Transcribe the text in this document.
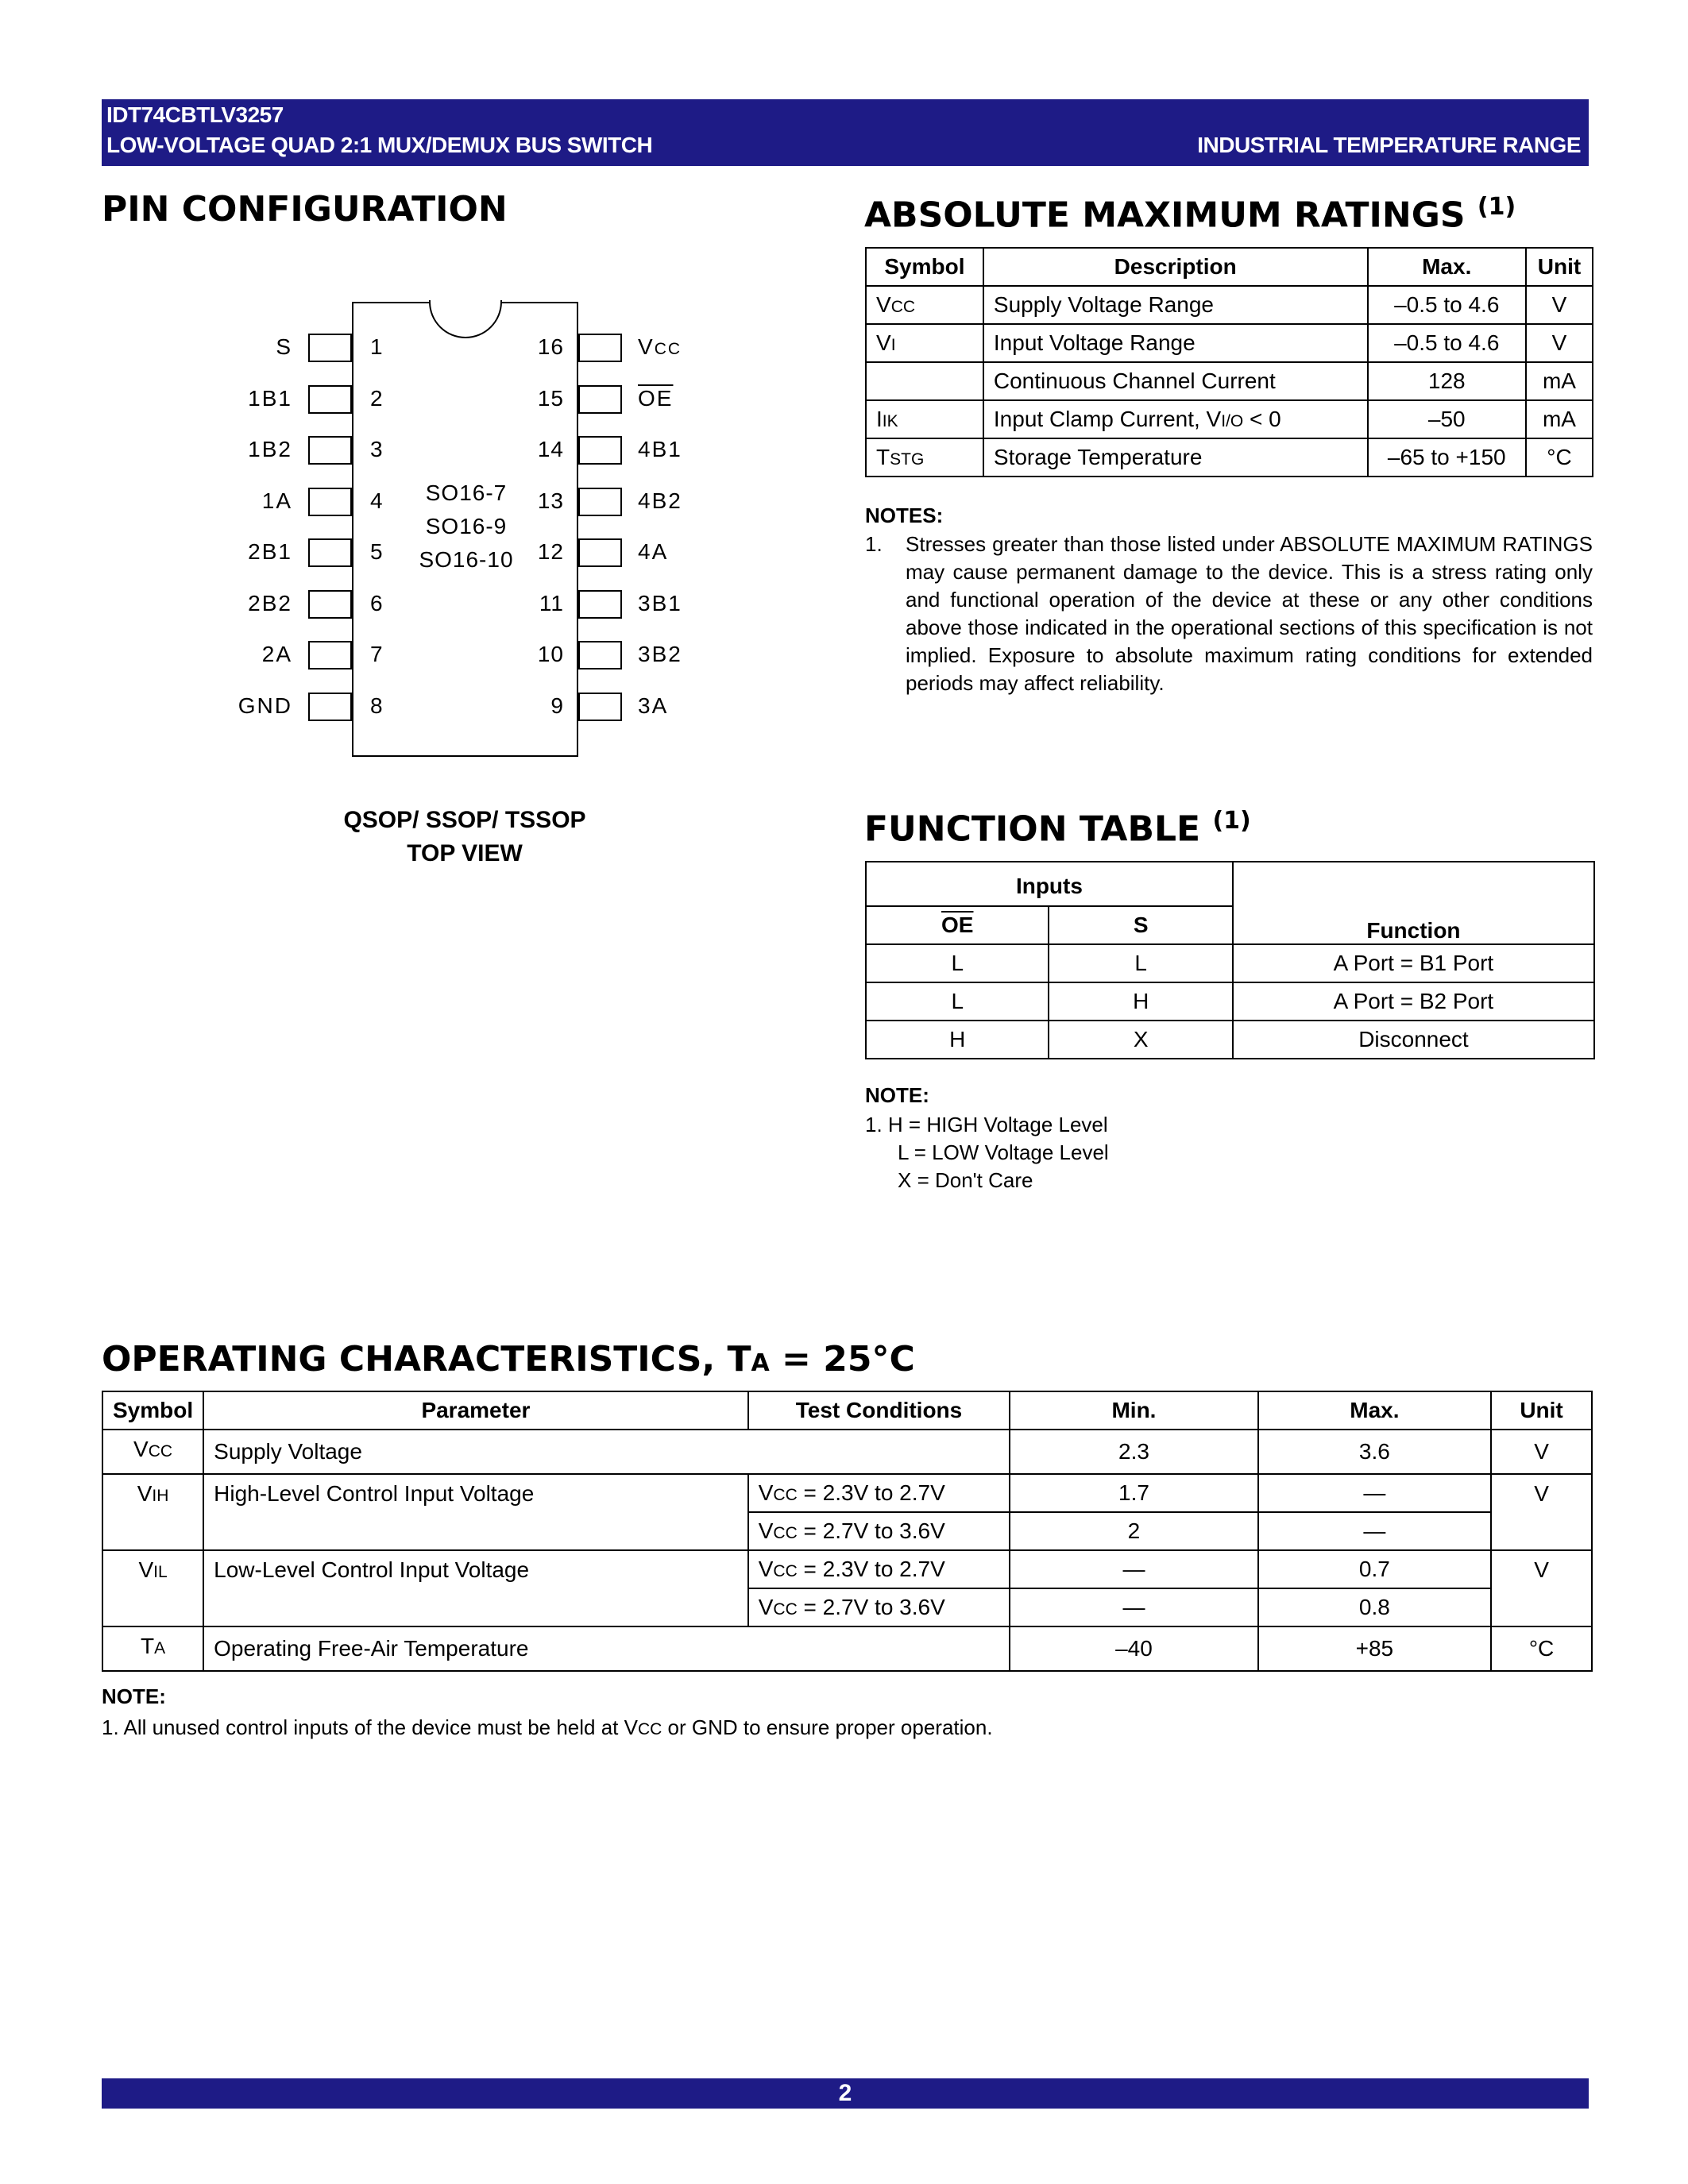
IDT74CBTLV3257
LOW-VOLTAGE QUAD 2:1 MUX/DEMUX BUS SWITCH	INDUSTRIAL TEMPERATURE RANGE
PIN CONFIGURATION
S	1
1B1	2
1B2	3
1A	4
2B1	5
2B2	6
2A	7
GND	8
VCC
16
$\overline{OE}$
15
4B1
14
4B2
13
4A
12
3B1
11
3B2
10
3A
9
SO16-7
SO16-9
SO16-10
QSOP/ SSOP/ TSSOP
TOP VIEW
ABSOLUTE MAXIMUM RATINGS $^{(1)}$
Symbol	Description	Max.	Unit
VCC	Supply Voltage Range	–0.5 to 4.6	V
VI	Input Voltage Range	–0.5 to 4.6	V
	Continuous Channel Current	128	mA
IIK	Input Clamp Current, VI/O < 0	–50	mA
TSTG	Storage Temperature	–65 to +150	°C
NOTES:
1. Stresses greater than those listed under ABSOLUTE MAXIMUM RATINGS may cause permanent damage to the device. This is a stress rating only and functional operation of the device at these or any other conditions above those indicated in the operational sections of this specification is not implied. Exposure to absolute maximum rating conditions for extended periods may affect reliability.
FUNCTION TABLE $^{(1)}$
Inputs		Function
$\overline{OE}$	S	
L	L	A Port = B1 Port
L	H	A Port = B2 Port
H	X	Disconnect
NOTE:
1. H = HIGH Voltage Level
L = LOW Voltage Level
X = Don't Care
OPERATING CHARACTERISTICS, TA = 25°C
Symbol	Parameter	Test Conditions	Min.	Max.	Unit
VCC	Supply Voltage		2.3	3.6	V
VIH	High-Level Control Input Voltage	VCC = 2.3V to 2.7V	1.7	—	V
		VCC = 2.7V to 3.6V	2	—	
VIL	Low-Level Control Input Voltage	VCC = 2.3V to 2.7V	—	0.7	V
		VCC = 2.7V to 3.6V	—	0.8	
TA	Operating Free-Air Temperature		–40	+85	°C
NOTE:
1. All unused control inputs of the device must be held at VCC or GND to ensure proper operation.
2
